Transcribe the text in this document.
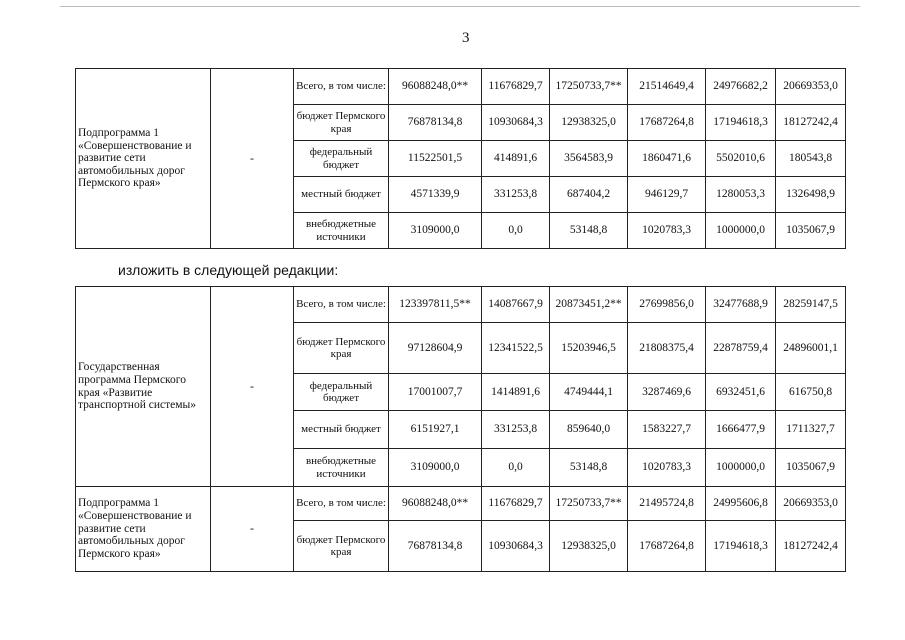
3
Подпрограмма 1 «Совершенствование и развитие сети автомобильных дорог Пермского края»	-	Всего, в том числе:	96088248,0**	11676829,7	17250733,7**	21514649,4	24976682,2	20669353,0
		бюджет Пермского края	76878134,8	10930684,3	12938325,0	17687264,8	17194618,3	18127242,4
		федеральный бюджет	11522501,5	414891,6	3564583,9	1860471,6	5502010,6	180543,8
		местный бюджет	4571339,9	331253,8	687404,2	946129,7	1280053,3	1326498,9
		внебюджетные источники	3109000,0	0,0	53148,8	1020783,3	1000000,0	1035067,9
изложить в следующей редакции:
Государственная программа Пермского края «Развитие транспортной системы»	-	Всего, в том числе:	123397811,5**	14087667,9	20873451,2**	27699856,0	32477688,9	28259147,5
		бюджет Пермского края	97128604,9	12341522,5	15203946,5	21808375,4	22878759,4	24896001,1
		федеральный бюджет	17001007,7	1414891,6	4749444,1	3287469,6	6932451,6	616750,8
		местный бюджет	6151927,1	331253,8	859640,0	1583227,7	1666477,9	1711327,7
		внебюджетные источники	3109000,0	0,0	53148,8	1020783,3	1000000,0	1035067,9
Подпрограмма 1 «Совершенствование и развитие сети автомобильных дорог Пермского края»	-	Всего, в том числе:	96088248,0**	11676829,7	17250733,7**	21495724,8	24995606,8	20669353,0
		бюджет Пермского края	76878134,8	10930684,3	12938325,0	17687264,8	17194618,3	18127242,4
